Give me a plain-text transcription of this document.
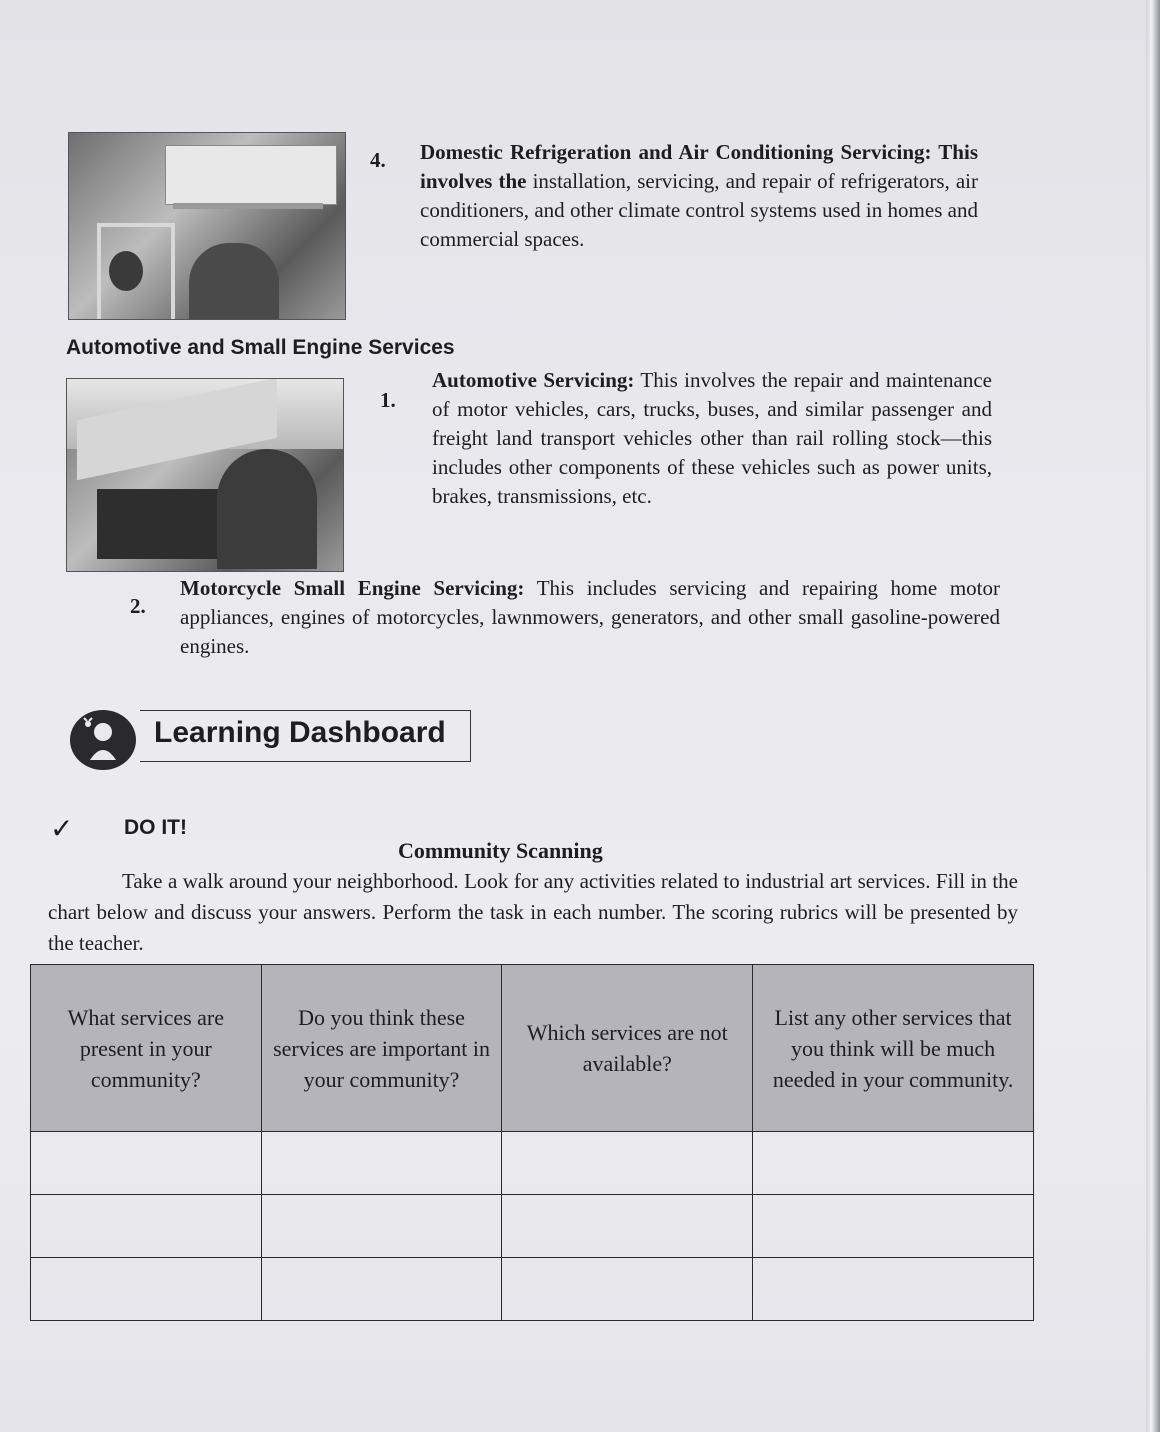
4. Domestic Refrigeration and Air Conditioning Servicing: This involves the installation, servicing, and repair of refrigerators, air conditioners, and other climate control systems used in homes and commercial spaces.
Automotive and Small Engine Services
1.
Automotive Servicing: This involves the repair and maintenance of motor vehicles, cars, trucks, buses, and similar passenger and freight land transport vehicles other than rail rolling stock—this includes other components of these vehicles such as power units, brakes, transmissions, etc.
2.
Motorcycle Small Engine Servicing: This includes servicing and repairing home motor appliances, engines of motorcycles, lawnmowers, generators, and other small gasoline-powered engines.
Learning Dashboard
✓ DO IT!
Community Scanning
Take a walk around your neighborhood. Look for any activities related to industrial art services. Fill in the chart below and discuss your answers. Perform the task in each number. The scoring rubrics will be presented by the teacher.
What services are present in your community?	Do you think these services are important in your community?	Which services are not available?	List any other services that you think will be much needed in your community.
